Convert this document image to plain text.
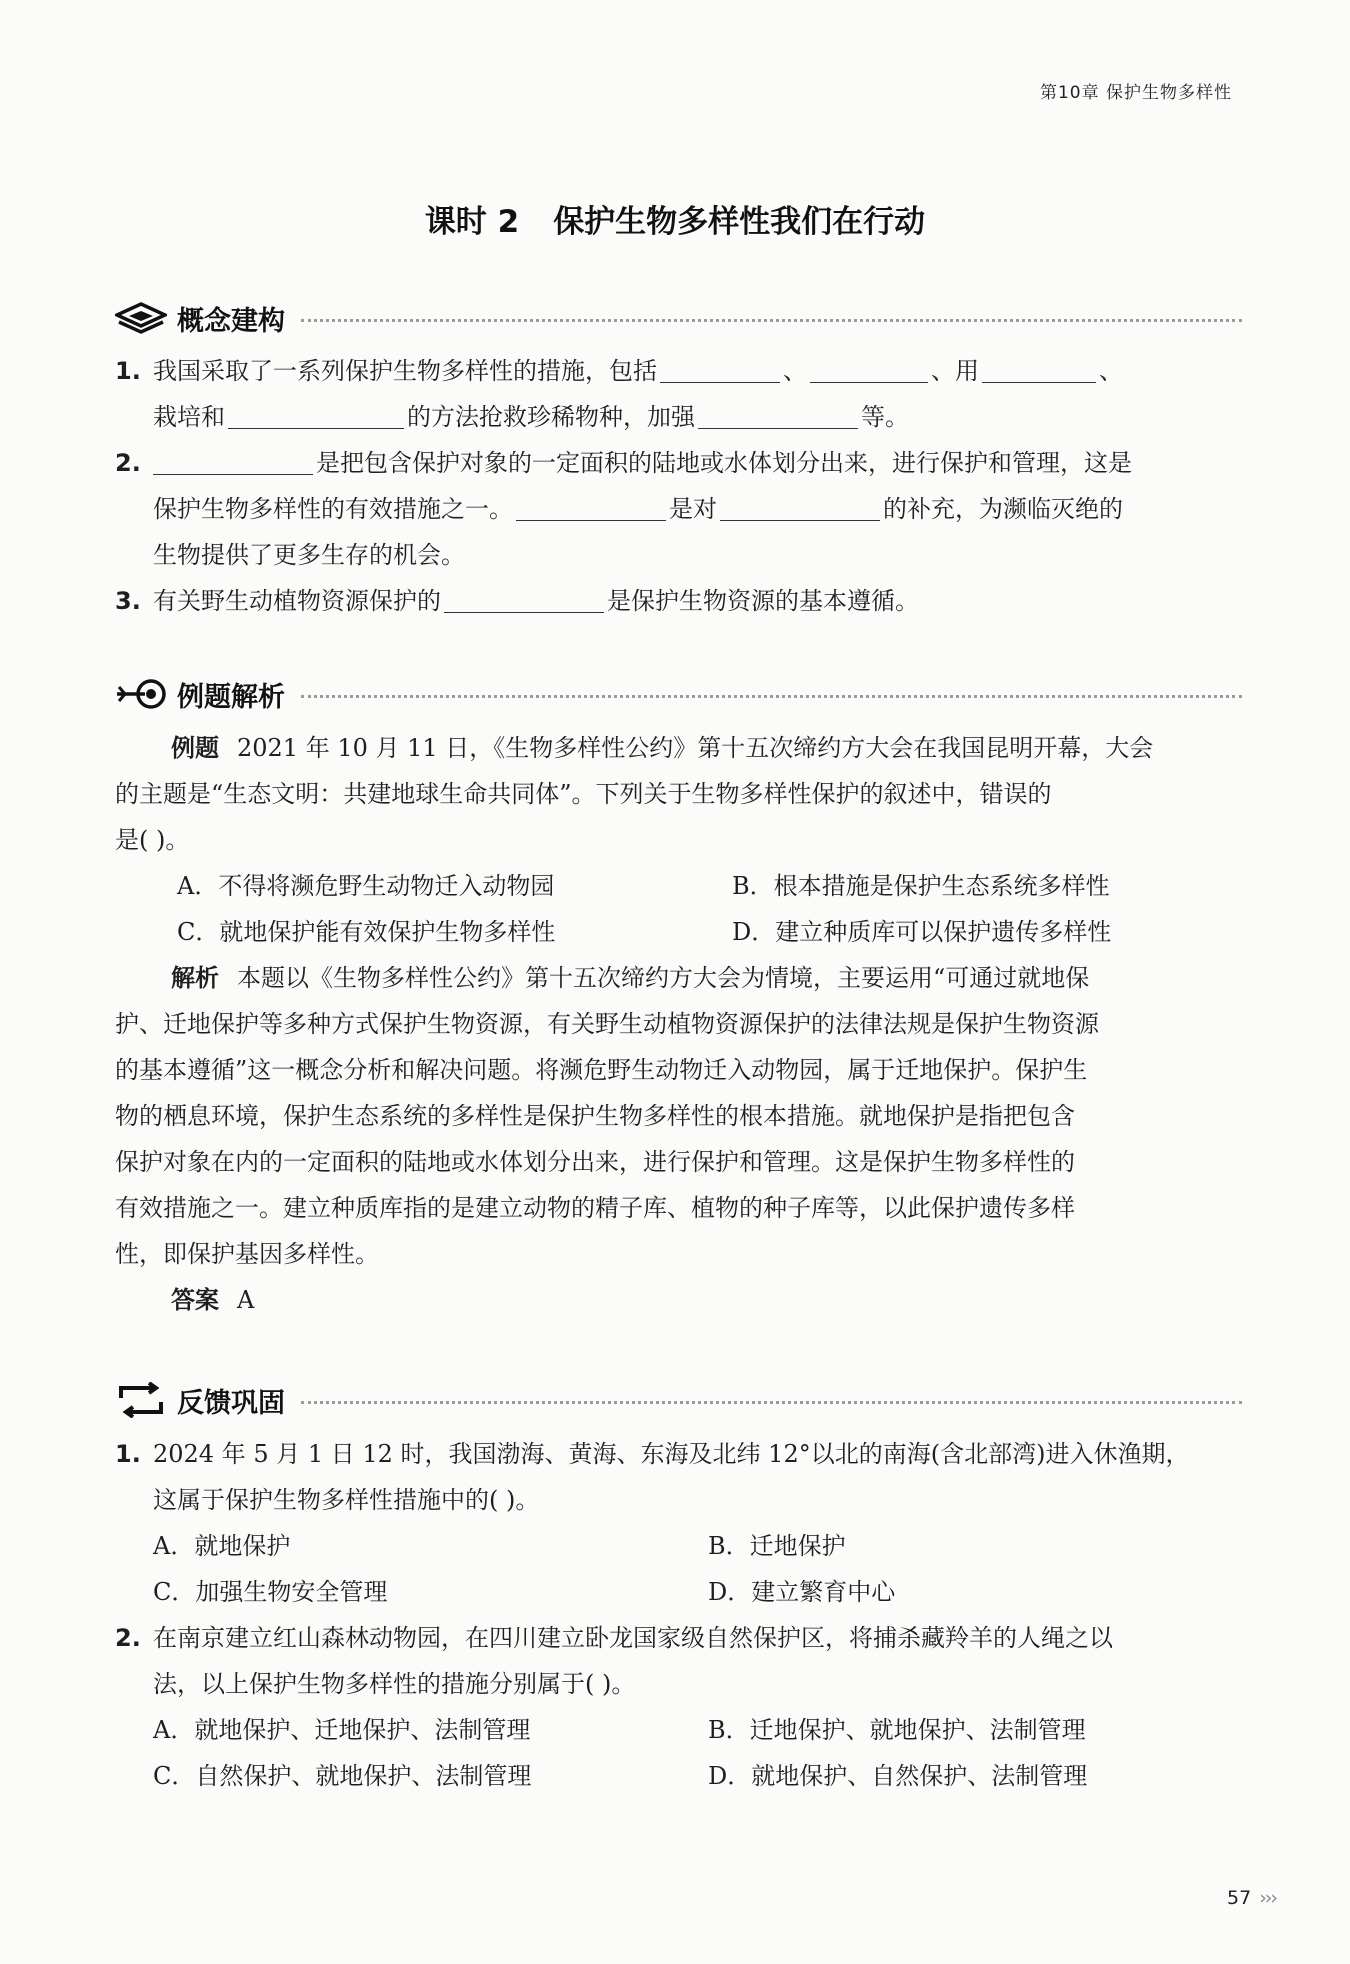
第10章 保护生物多样性
课时 2 保护生物多样性我们在行动
概念建构
1. 我国采取了一系列保护生物多样性的措施，包括	、	、用	、
栽培和	的方法抢救珍稀物种，加强	等。
2.	是把包含保护对象的一定面积的陆地或水体划分出来，进行保护和管理，这是
保护生物多样性的有效措施之一。	是对	的补充，为濒临灭绝的
生物提供了更多生存的机会。
3. 有关野生动植物资源保护的	是保护生物资源的基本遵循。
例题解析
例题 2021 年 10 月 11 日，《生物多样性公约》第十五次缔约方大会在我国昆明开幕，大会
的主题是“生态文明：共建地球生命共同体”。下列关于生物多样性保护的叙述中，错误的
是( )。
A．不得将濒危野生动物迁入动物园	B．根本措施是保护生态系统多样性
C．就地保护能有效保护生物多样性	D．建立种质库可以保护遗传多样性
解析 本题以《生物多样性公约》第十五次缔约方大会为情境，主要运用“可通过就地保
护、迁地保护等多种方式保护生物资源，有关野生动植物资源保护的法律法规是保护生物资源
的基本遵循”这一概念分析和解决问题。将濒危野生动物迁入动物园，属于迁地保护。保护生
物的栖息环境，保护生态系统的多样性是保护生物多样性的根本措施。就地保护是指把包含
保护对象在内的一定面积的陆地或水体划分出来，进行保护和管理。这是保护生物多样性的
有效措施之一。建立种质库指的是建立动物的精子库、植物的种子库等，以此保护遗传多样
性，即保护基因多样性。
答案 A
反馈巩固
1. 2024 年 5 月 1 日 12 时，我国渤海、黄海、东海及北纬 12°以北的南海(含北部湾)进入休渔期，
这属于保护生物多样性措施中的( )。
A．就地保护	B．迁地保护
C．加强生物安全管理	D．建立繁育中心
2. 在南京建立红山森林动物园，在四川建立卧龙国家级自然保护区，将捕杀藏羚羊的人绳之以
法，以上保护生物多样性的措施分别属于( )。
A．就地保护、迁地保护、法制管理	B．迁地保护、就地保护、法制管理
C．自然保护、就地保护、法制管理	D．就地保护、自然保护、法制管理
57 ›››
